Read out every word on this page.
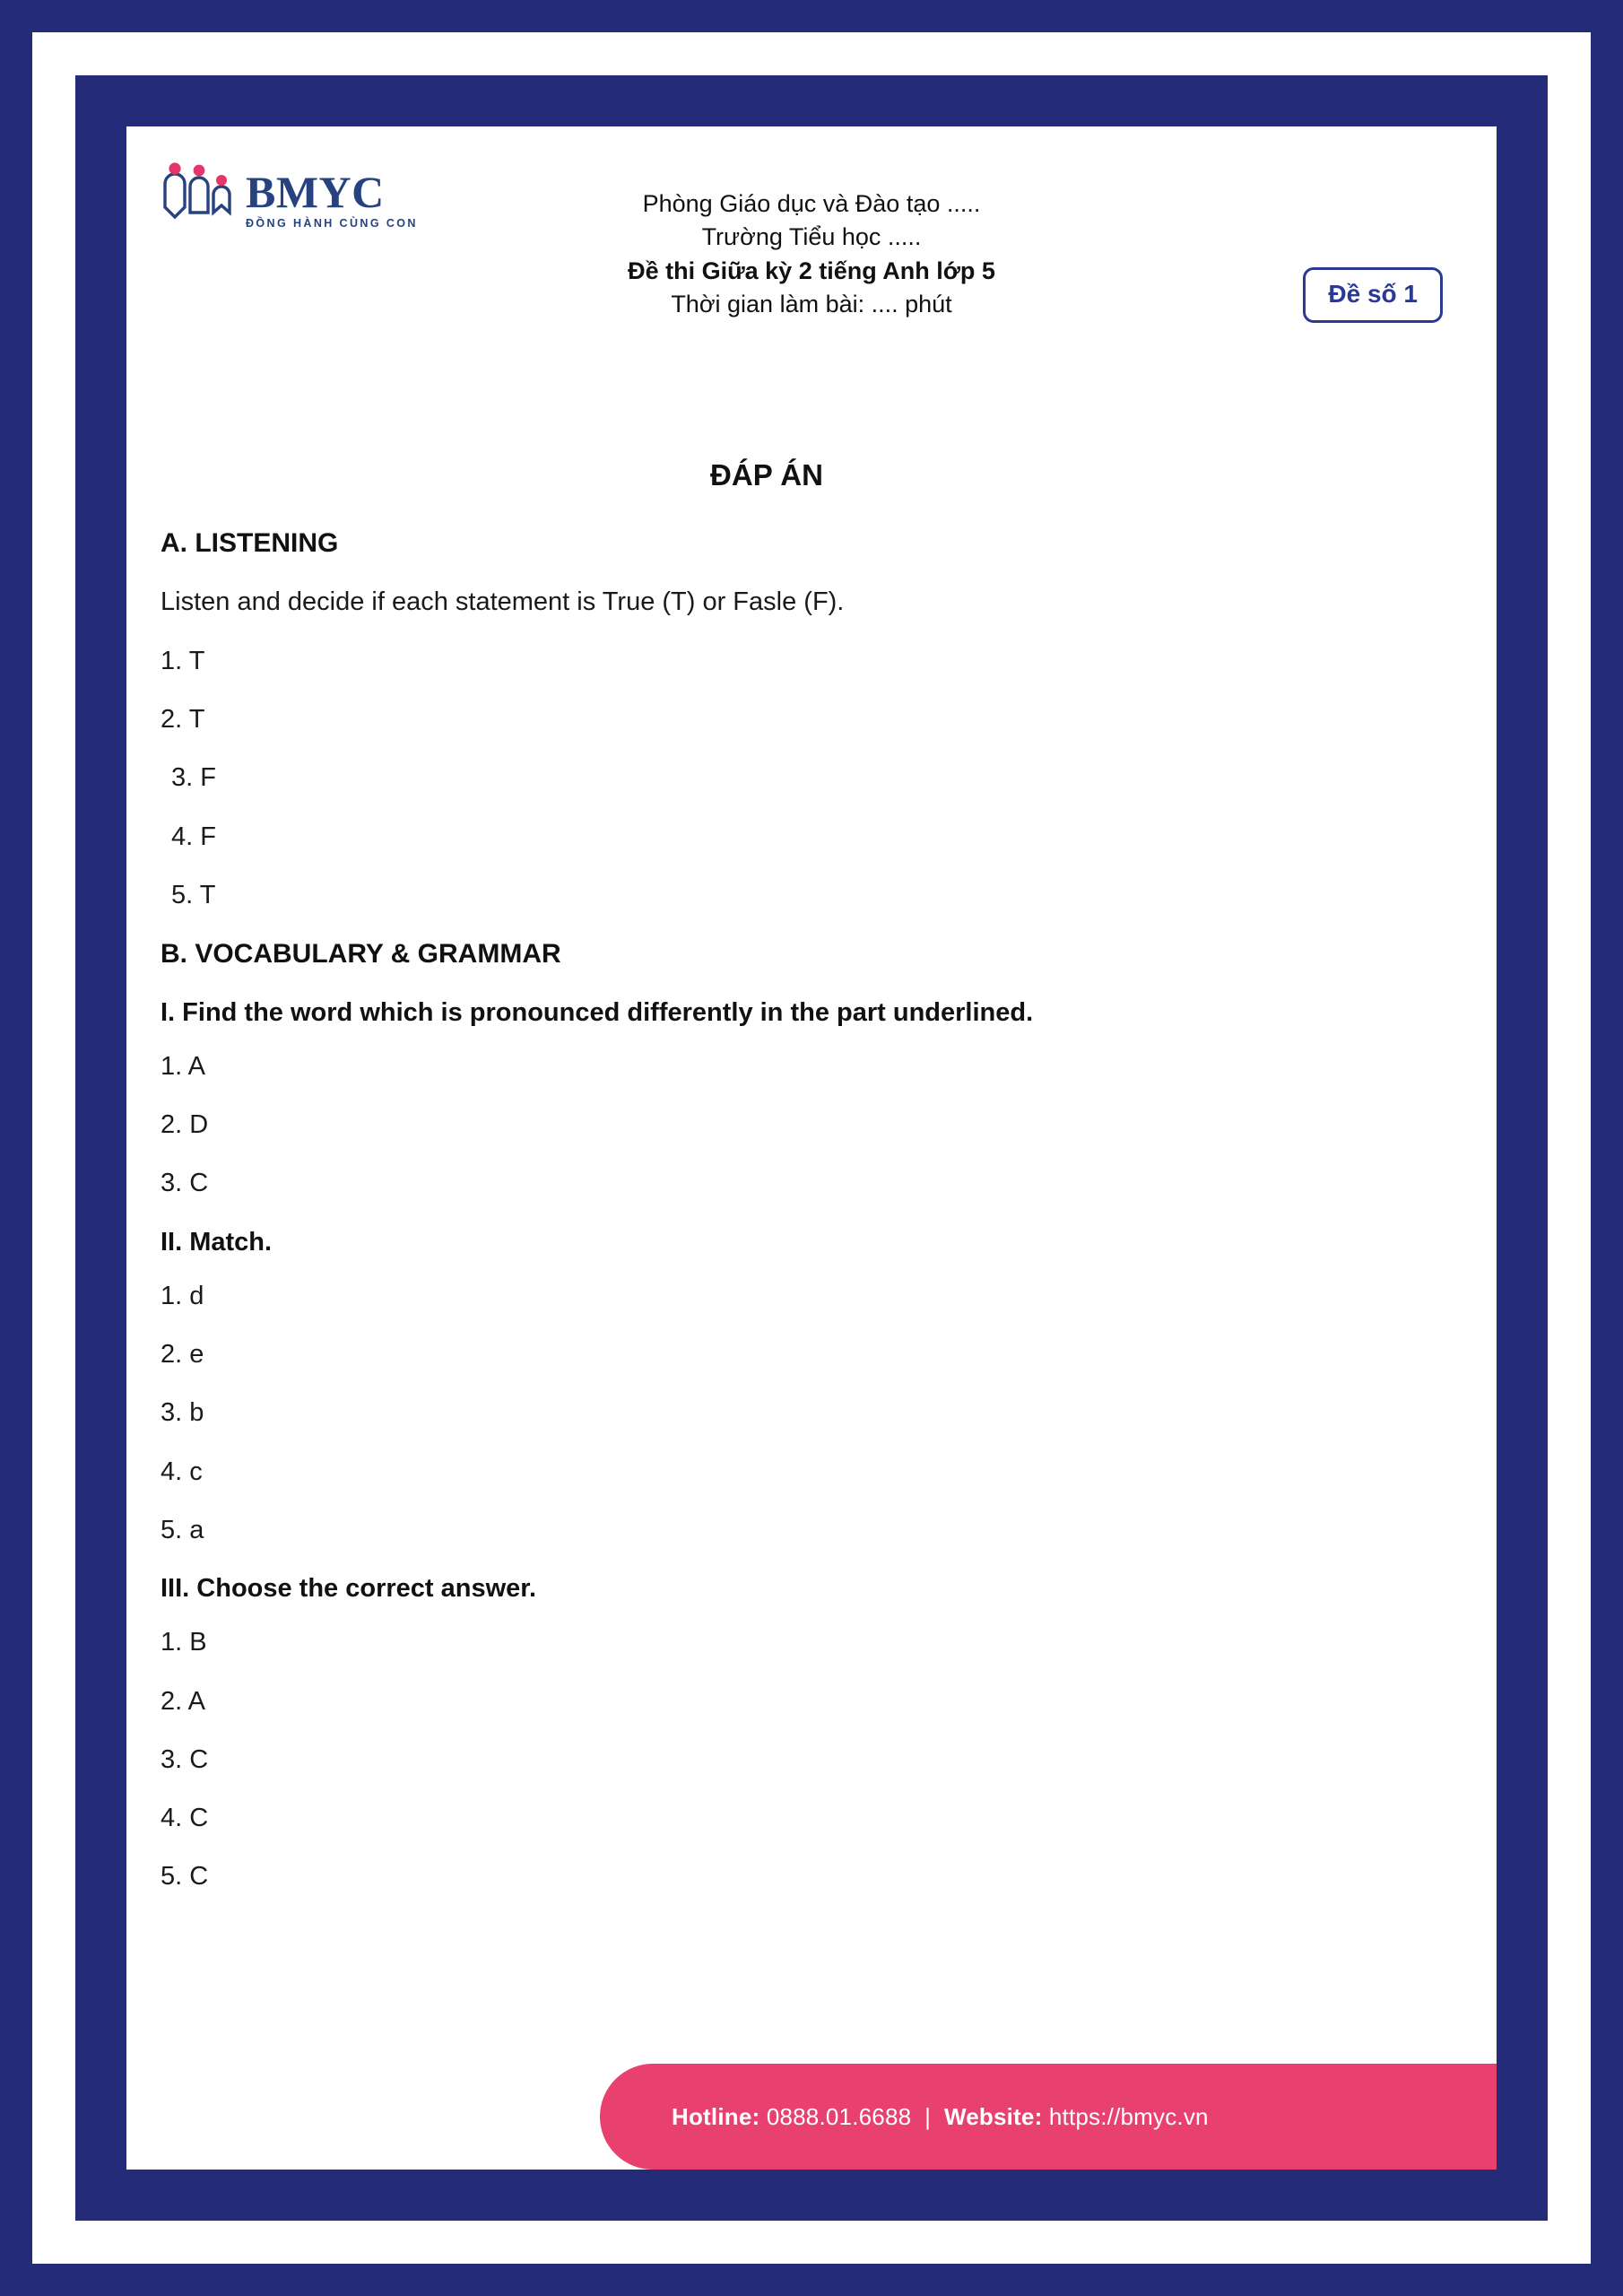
BMYC
ĐỒNG HÀNH CÙNG CON
Phòng Giáo dục và Đào tạo .....
Trường Tiểu học .....
Đề thi Giữa kỳ 2 tiếng Anh lớp 5
Thời gian làm bài: .... phút	Đề số 1
ĐÁP ÁN
A. LISTENING
Listen and decide if each statement is True (T) or Fasle (F).
1. T
2. T
3. F
4. F
5. T
B. VOCABULARY & GRAMMAR
I. Find the word which is pronounced differently in the part underlined.
1. A
2. D
3. C
II. Match.
1. d
2. e
3. b
4. c
5. a
III. Choose the correct answer.
1. B
2. A
3. C
4. C
5. C
Hotline: 0888.01.6688 | Website: https://bmyc.vn
